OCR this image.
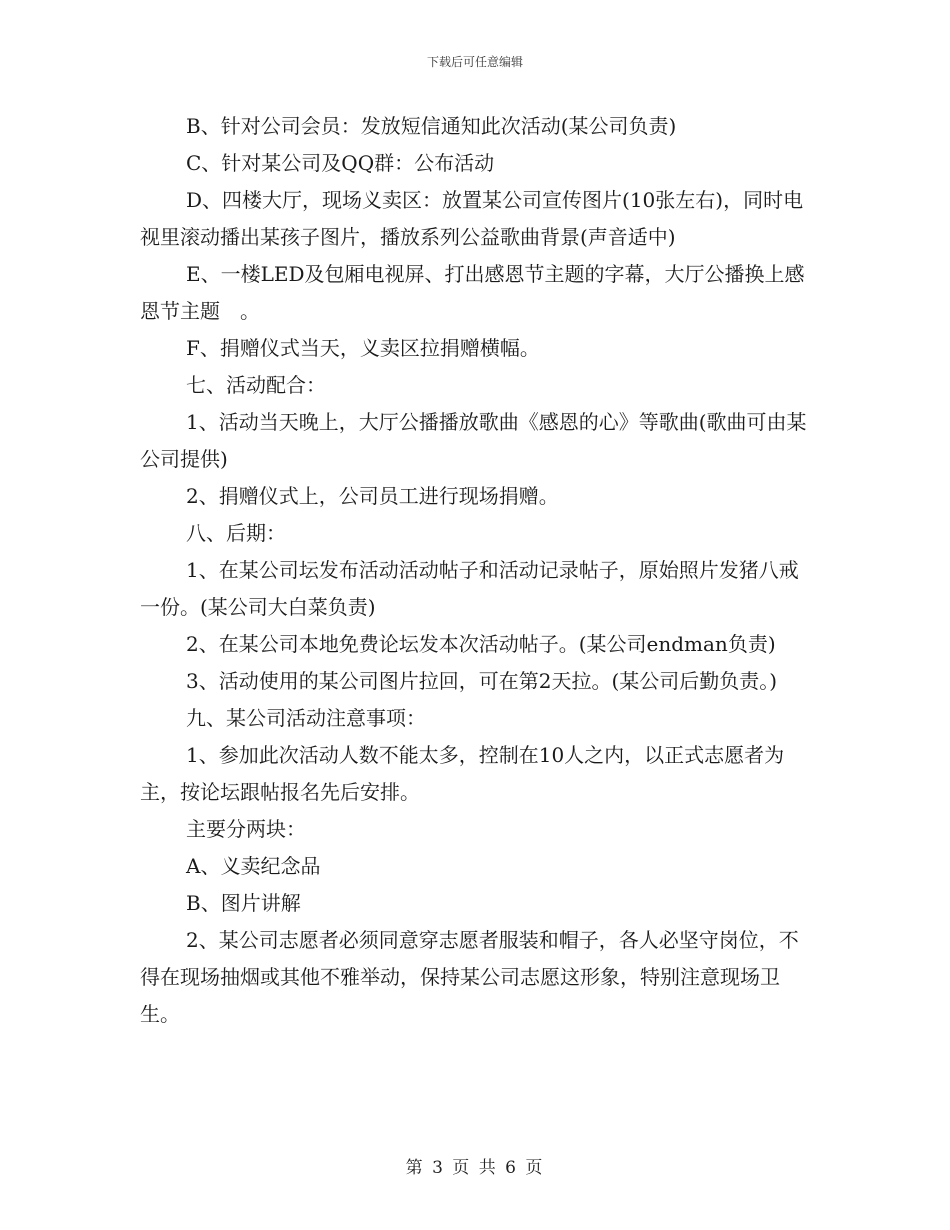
下载后可任意编辑

B、针对公司会员：发放短信通知此次活动(某公司负责)

C、针对某公司及QQ群：公布活动

D、四楼大厅，现场义卖区：放置某公司宣传图片(10张左右)，同时电视里滚动播出某孩子图片，播放系列公益歌曲背景(声音适中)

E、一楼LED及包厢电视屏、打出感恩节主题的字幕，大厅公播换上感恩节主题　。

F、捐赠仪式当天，义卖区拉捐赠横幅。

七、活动配合：

1、活动当天晚上，大厅公播播放歌曲《感恩的心》等歌曲(歌曲可由某公司提供)

2、捐赠仪式上，公司员工进行现场捐赠。

八、后期：

1、在某公司坛发布活动活动帖子和活动记录帖子，原始照片发猪八戒一份。(某公司大白菜负责)

2、在某公司本地免费论坛发本次活动帖子。(某公司endman负责)

3、活动使用的某公司图片拉回，可在第2天拉。(某公司后勤负责。)

九、某公司活动注意事项：

1、参加此次活动人数不能太多，控制在10人之内，以正式志愿者为主，按论坛跟帖报名先后安排。

主要分两块：

A、义卖纪念品

B、图片讲解

2、某公司志愿者必须同意穿志愿者服装和帽子，各人必坚守岗位，不得在现场抽烟或其他不雅举动，保持某公司志愿这形象，特别注意现场卫生。

第 3 页 共 6 页
